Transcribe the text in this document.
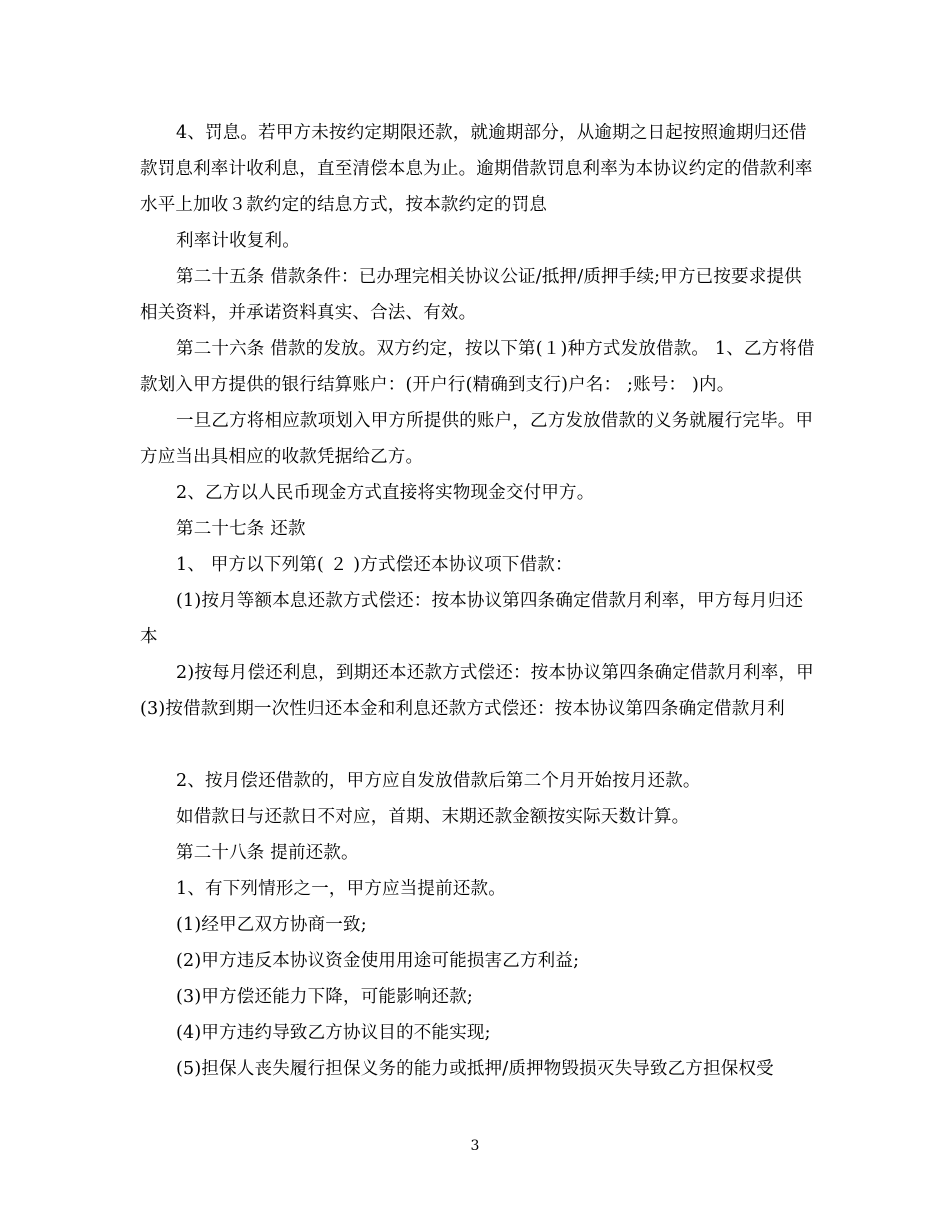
4、罚息。若甲方未按约定期限还款，就逾期部分，从逾期之日起按照逾期归还借款罚息利率计收利息，直至清偿本息为止。逾期借款罚息利率为本协议约定的借款利率水平上加收３款约定的结息方式，按本款约定的罚息

利率计收复利。

第二十五条 借款条件：已办理完相关协议公证/抵押/质押手续;甲方已按要求提供相关资料，并承诺资料真实、合法、有效。

第二十六条 借款的发放。双方约定，按以下第(１)种方式发放借款。 1、乙方将借款划入甲方提供的银行结算账户：(开户行(精确到支行)户名： ;账号： )内。

一旦乙方将相应款项划入甲方所提供的账户，乙方发放借款的义务就履行完毕。甲方应当出具相应的收款凭据给乙方。

2、乙方以人民币现金方式直接将实物现金交付甲方。

第二十七条 还款

1、 甲方以下列第( ２ )方式偿还本协议项下借款：

(1)按月等额本息还款方式偿还：按本协议第四条确定借款月利率，甲方每月归还本

2)按每月偿还利息，到期还本还款方式偿还：按本协议第四条确定借款月利率，甲(3)按借款到期一次性归还本金和利息还款方式偿还：按本协议第四条确定借款月利

2、按月偿还借款的，甲方应自发放借款后第二个月开始按月还款。

如借款日与还款日不对应，首期、末期还款金额按实际天数计算。

第二十八条 提前还款。

1、有下列情形之一，甲方应当提前还款。

(1)经甲乙双方协商一致;

(2)甲方违反本协议资金使用用途可能损害乙方利益;

(3)甲方偿还能力下降，可能影响还款;

(4)甲方违约导致乙方协议目的不能实现;

(5)担保人丧失履行担保义务的能力或抵押/质押物毁损灭失导致乙方担保权受

3
